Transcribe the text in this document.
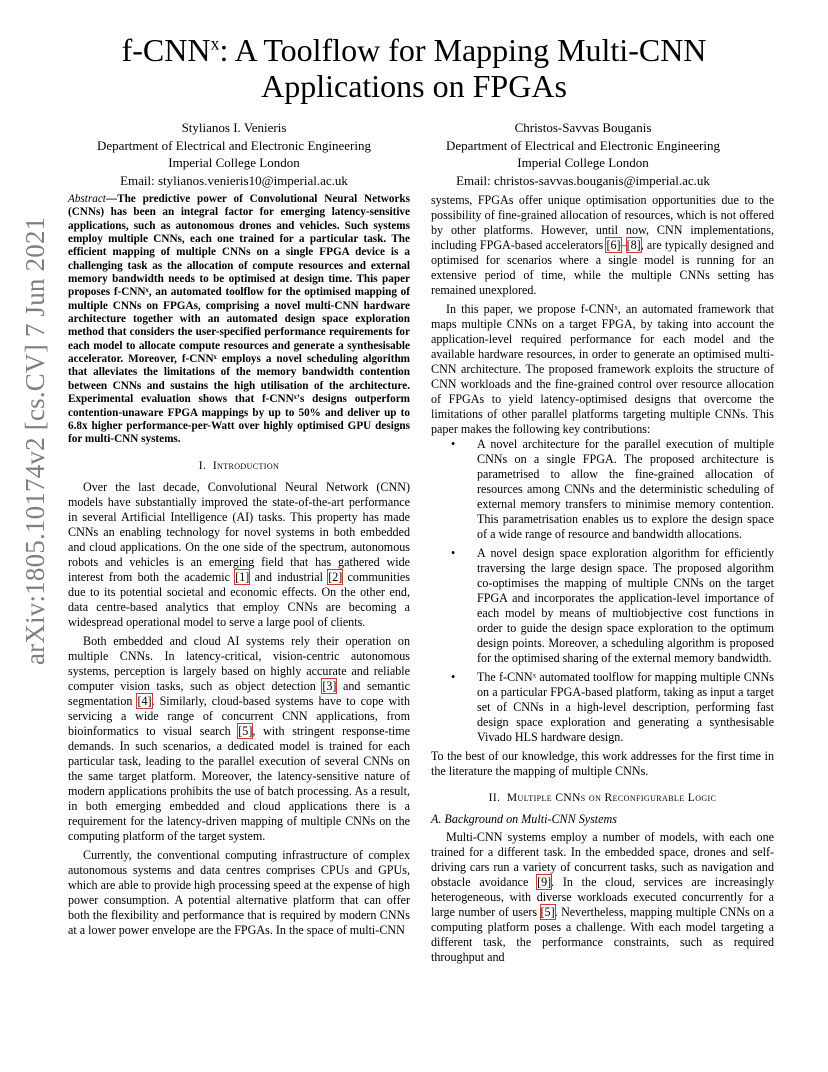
arXiv:1805.10174v2 [cs.CV] 7 Jun 2021
f-CNN$^x$: A Toolflow for Mapping Multi-CNN
Applications on FPGAs
Stylianos I. Venieris
Department of Electrical and Electronic Engineering
Imperial College London
Email: stylianos.venieris10@imperial.ac.uk
Christos-Savvas Bouganis
Department of Electrical and Electronic Engineering
Imperial College London
Email: christos-savvas.bouganis@imperial.ac.uk
Abstract—The predictive power of Convolutional Neural Networks (CNNs) has been an integral factor for emerging latency-sensitive applications, such as autonomous drones and vehicles. Such systems employ multiple CNNs, each one trained for a particular task. The efficient mapping of multiple CNNs on a single FPGA device is a challenging task as the allocation of compute resources and external memory bandwidth needs to be optimised at design time. This paper proposes f-CNNˣ, an automated toolflow for the optimised mapping of multiple CNNs on FPGAs, comprising a novel multi-CNN hardware architecture together with an automated design space exploration method that considers the user-specified performance requirements for each model to allocate compute resources and generate a synthesisable accelerator. Moreover, f-CNNˣ employs a novel scheduling algorithm that alleviates the limitations of the memory bandwidth contention between CNNs and sustains the high utilisation of the architecture. Experimental evaluation shows that f-CNNˣ's designs outperform contention-unaware FPGA mappings by up to 50% and deliver up to 6.8x higher performance-per-Watt over highly optimised GPU designs for multi-CNN systems.
I. Introduction

Over the last decade, Convolutional Neural Network (CNN) models have substantially improved the state-of-the-art performance in several Artificial Intelligence (AI) tasks. This property has made CNNs an enabling technology for novel systems in both embedded and cloud applications. On the one side of the spectrum, autonomous robots and vehicles is an emerging field that has gathered wide interest from both the academic [1] and industrial [2] communities due to its potential societal and economic effects. On the other end, data centre-based analytics that employ CNNs are becoming a widespread operational model to serve a large pool of clients.

Both embedded and cloud AI systems rely their operation on multiple CNNs. In latency-critical, vision-centric autonomous systems, perception is largely based on highly accurate and reliable computer vision tasks, such as object detection [3] and semantic segmentation [4]. Similarly, cloud-based systems have to cope with servicing a wide range of concurrent CNN applications, from bioinformatics to visual search [5], with stringent response-time demands. In such scenarios, a dedicated model is trained for each particular task, leading to the parallel execution of several CNNs on the same target platform. Moreover, the latency-sensitive nature of modern applications prohibits the use of batch processing. As a result, in both emerging embedded and cloud applications there is a requirement for the latency-driven mapping of multiple CNNs on the computing platform of the target system.

Currently, the conventional computing infrastructure of complex autonomous systems and data centres comprises CPUs and GPUs, which are able to provide high processing speed at the expense of high power consumption. A potential alternative platform that can offer both the flexibility and performance that is required by modern CNNs at a lower power envelope are the FPGAs. In the space of multi-CNN

systems, FPGAs offer unique optimisation opportunities due to the possibility of fine-grained allocation of resources, which is not offered by other platforms. However, until now, CNN implementations, including FPGA-based accelerators [6]–[8], are typically designed and optimised for scenarios where a single model is running for an extensive period of time, while the multiple CNNs setting has remained unexplored.

In this paper, we propose f-CNNˣ, an automated framework that maps multiple CNNs on a target FPGA, by taking into account the application-level required performance for each model and the available hardware resources, in order to generate an optimised multi-CNN architecture. The proposed framework exploits the structure of CNN workloads and the fine-grained control over resource allocation of FPGAs to yield latency-optimised designs that overcome the limitations of other parallel platforms targeting multiple CNNs. This paper makes the following key contributions:

• A novel architecture for the parallel execution of multiple CNNs on a single FPGA. The proposed architecture is parametrised to allow the fine-grained allocation of resources among CNNs and the deterministic scheduling of external memory transfers to minimise memory contention. This parametrisation enables us to explore the design space of a wide range of resource and bandwidth allocations.
• A novel design space exploration algorithm for efficiently traversing the large design space. The proposed algorithm co-optimises the mapping of multiple CNNs on the target FPGA and incorporates the application-level importance of each model by means of multiobjective cost functions in order to guide the design space exploration to the optimum design points. Moreover, a scheduling algorithm is proposed for the optimised sharing of the external memory bandwidth.
• The f-CNNˣ automated toolflow for mapping multiple CNNs on a particular FPGA-based platform, taking as input a target set of CNNs in a high-level description, performing fast design space exploration and generating a synthesisable Vivado HLS hardware design.

To the best of our knowledge, this work addresses for the first time in the literature the mapping of multiple CNNs.

II. Multiple CNNs on Reconfigurable Logic
A. Background on Multi-CNN Systems

Multi-CNN systems employ a number of models, with each one trained for a different task. In the embedded space, drones and self-driving cars run a variety of concurrent tasks, such as navigation and obstacle avoidance [9]. In the cloud, services are increasingly heterogeneous, with diverse workloads executed concurrently for a large number of users [5]. Nevertheless, mapping multiple CNNs on a computing platform poses a challenge. With each model targeting a different task, the performance constraints, such as required throughput and
